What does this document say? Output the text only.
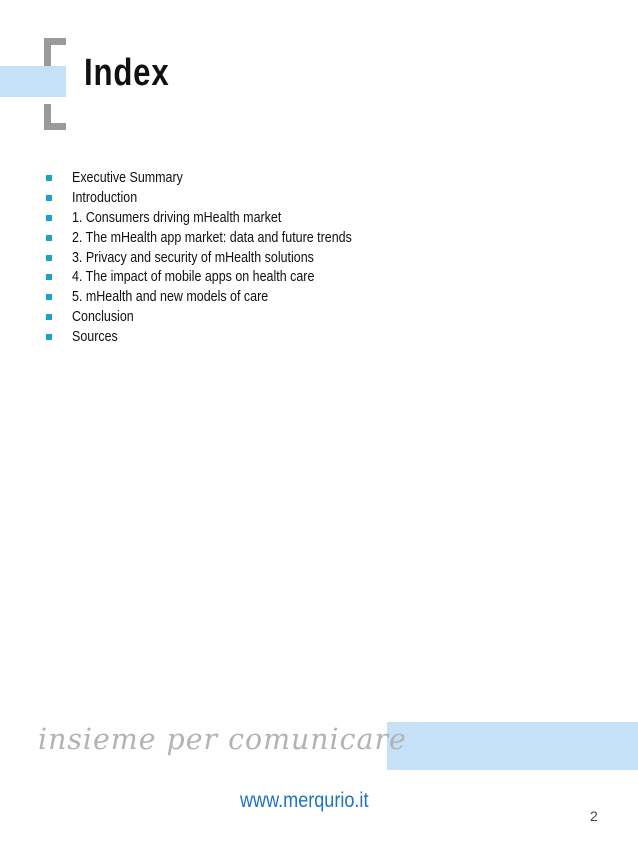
Index
Executive Summary
Introduction
1. Consumers driving mHealth market
2. The mHealth app market: data and future trends
3. Privacy and security of mHealth solutions
4. The impact of mobile apps on health care
5. mHealth and new models of care
Conclusion
Sources
insieme per comunicare
www.merqurio.it
2
